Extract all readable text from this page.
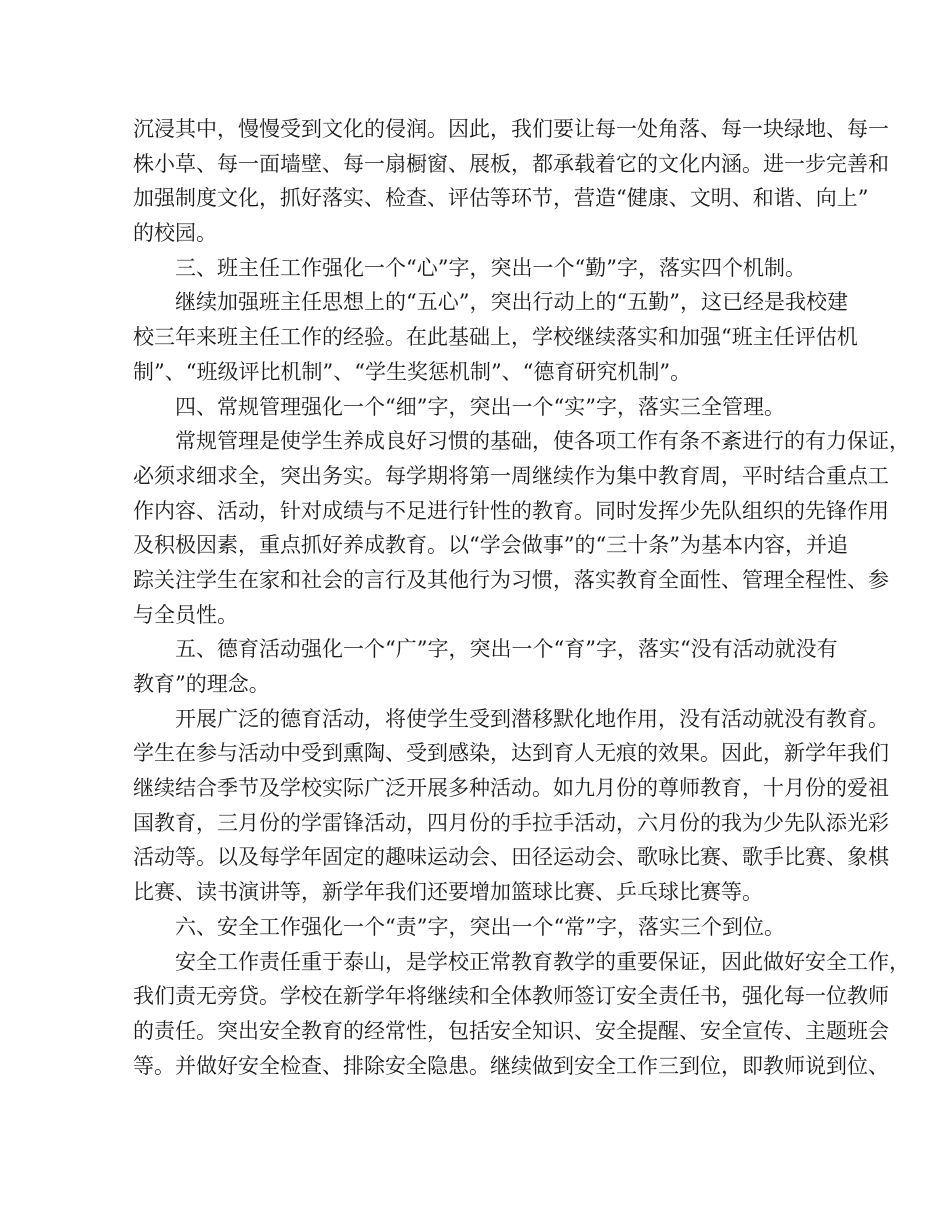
沉浸其中，慢慢受到文化的侵润。因此，我们要让每一处角落、每一块绿地、每一
株小草、每一面墙壁、每一扇橱窗、展板，都承载着它的文化内涵。进一步完善和
加强制度文化，抓好落实、检查、评估等环节，营造“健康、文明、和谐、向上”
的校园。
三、班主任工作强化一个“心”字，突出一个“勤”字，落实四个机制。
继续加强班主任思想上的“五心”，突出行动上的“五勤”，这已经是我校建
校三年来班主任工作的经验。在此基础上，学校继续落实和加强“班主任评估机
制”、“班级评比机制”、“学生奖惩机制”、“德育研究机制”。
四、常规管理强化一个“细”字，突出一个“实”字，落实三全管理。
常规管理是使学生养成良好习惯的基础，使各项工作有条不紊进行的有力保证，
必须求细求全，突出务实。每学期将第一周继续作为集中教育周，平时结合重点工
作内容、活动，针对成绩与不足进行针性的教育。同时发挥少先队组织的先锋作用
及积极因素，重点抓好养成教育。以“学会做事”的“三十条”为基本内容，并追
踪关注学生在家和社会的言行及其他行为习惯，落实教育全面性、管理全程性、参
与全员性。
五、德育活动强化一个“广”字，突出一个“育”字，落实“没有活动就没有
教育”的理念。
开展广泛的德育活动，将使学生受到潜移默化地作用，没有活动就没有教育。
学生在参与活动中受到熏陶、受到感染，达到育人无痕的效果。因此，新学年我们
继续结合季节及学校实际广泛开展多种活动。如九月份的尊师教育，十月份的爱祖
国教育，三月份的学雷锋活动，四月份的手拉手活动，六月份的我为少先队添光彩
活动等。以及每学年固定的趣味运动会、田径运动会、歌咏比赛、歌手比赛、象棋
比赛、读书演讲等，新学年我们还要增加篮球比赛、乒乓球比赛等。
六、安全工作强化一个“责”字，突出一个“常”字，落实三个到位。
安全工作责任重于泰山，是学校正常教育教学的重要保证，因此做好安全工作，
我们责无旁贷。学校在新学年将继续和全体教师签订安全责任书，强化每一位教师
的责任。突出安全教育的经常性，包括安全知识、安全提醒、安全宣传、主题班会
等。并做好安全检查、排除安全隐患。继续做到安全工作三到位，即教师说到位、
